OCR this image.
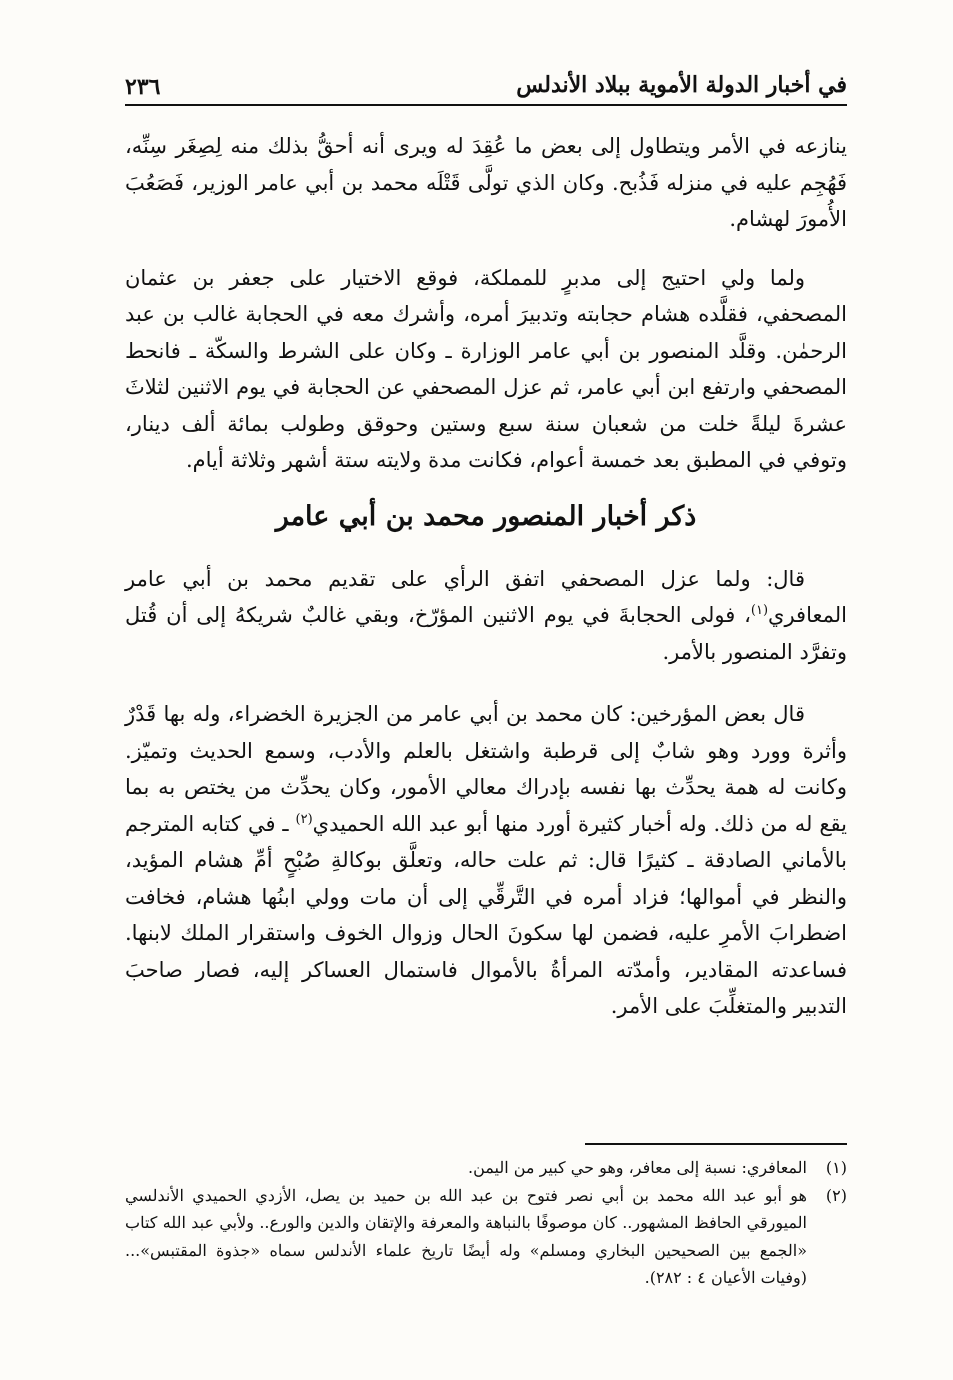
في أخبار الدولة الأموية ببلاد الأندلس
٢٣٦

ينازعه في الأمر ويتطاول إلى بعض ما عُقِدَ له ويرى أنه أحقُّ بذلك منه لِصِغَر سِنِّه، فَهُجِم عليه في منزله فَذُبح. وكان الذي تولَّى قَتْلَه محمد بن أبي عامر الوزير، فَصَعُبَ الأُمورَ لهشام.

ولما ولي احتيج إلى مدبرٍ للمملكة، فوقع الاختيار على جعفر بن عثمان المصحفي، فقلَّده هشام حجابته وتدبيرَ أمره، وأشرك معه في الحجابة غالب بن عبد الرحمٰن. وقلَّد المنصور بن أبي عامر الوزارة ـ وكان على الشرط والسكّة ـ فانحط المصحفي وارتفع ابن أبي عامر، ثم عزل المصحفي عن الحجابة في يوم الاثنين لثلاثَ عشرةَ ليلةً خلت من شعبان سنة سبع وستين وحوقق وطولب بمائة ألف دينار، وتوفي في المطبق بعد خمسة أعوام، فكانت مدة ولايته ستة أشهر وثلاثة أيام.

ذكر أخبار المنصور محمد بن أبي عامر

قال: ولما عزل المصحفي اتفق الرأي على تقديم محمد بن أبي عامر المعافري$^{(١)}$، فولى الحجابةَ في يوم الاثنين المؤرّخ، وبقي غالبٌ شريكهُ إلى أن قُتل وتفرَّد المنصور بالأمر.

قال بعض المؤرخين: كان محمد بن أبي عامر من الجزيرة الخضراء، وله بها قَدْرٌ وأثرة وورد وهو شابٌ إلى قرطبة واشتغل بالعلم والأدب، وسمع الحديث وتميّز. وكانت له همة يحدِّث بها نفسه بإدراك معالي الأمور، وكان يحدِّث من يختص به بما يقع له من ذلك. وله أخبار كثيرة أورد منها أبو عبد الله الحميدي$^{(٢)}$ ـ في كتابه المترجم بالأماني الصادقة ـ كثيرًا قال: ثم علت حاله، وتعلَّق بوكالةِ صُبْحٍ أمِّ هشام المؤيد، والنظر في أموالها؛ فزاد أمره في التَّرقِّي إلى أن مات وولي ابنُها هشام، فخافت اضطرابَ الأمرِ عليه، فضمن لها سكونَ الحال وزوال الخوف واستقرار الملك لابنها. فساعدته المقادير، وأمدّته المرأةُ بالأموال فاستمال العساكر إليه، فصار صاحبَ التدبير والمتغلِّبَ على الأمر.

(١)
المعافري: نسبة إلى معافر، وهو حي كبير من اليمن.
(٢)
هو أبو عبد الله محمد بن أبي نصر فتوح بن عبد الله بن حميد بن يصل، الأزدي الحميدي الأندلسي الميورقي الحافظ المشهور.. كان موصوفًا بالنباهة والمعرفة والإتقان والدين والورع.. ولأبي عبد الله كتاب «الجمع بين الصحيحين البخاري ومسلم» وله أيضًا تاريخ علماء الأندلس سماه «جذوة المقتبس»... (وفيات الأعيان ٤ : ٢٨٢).
